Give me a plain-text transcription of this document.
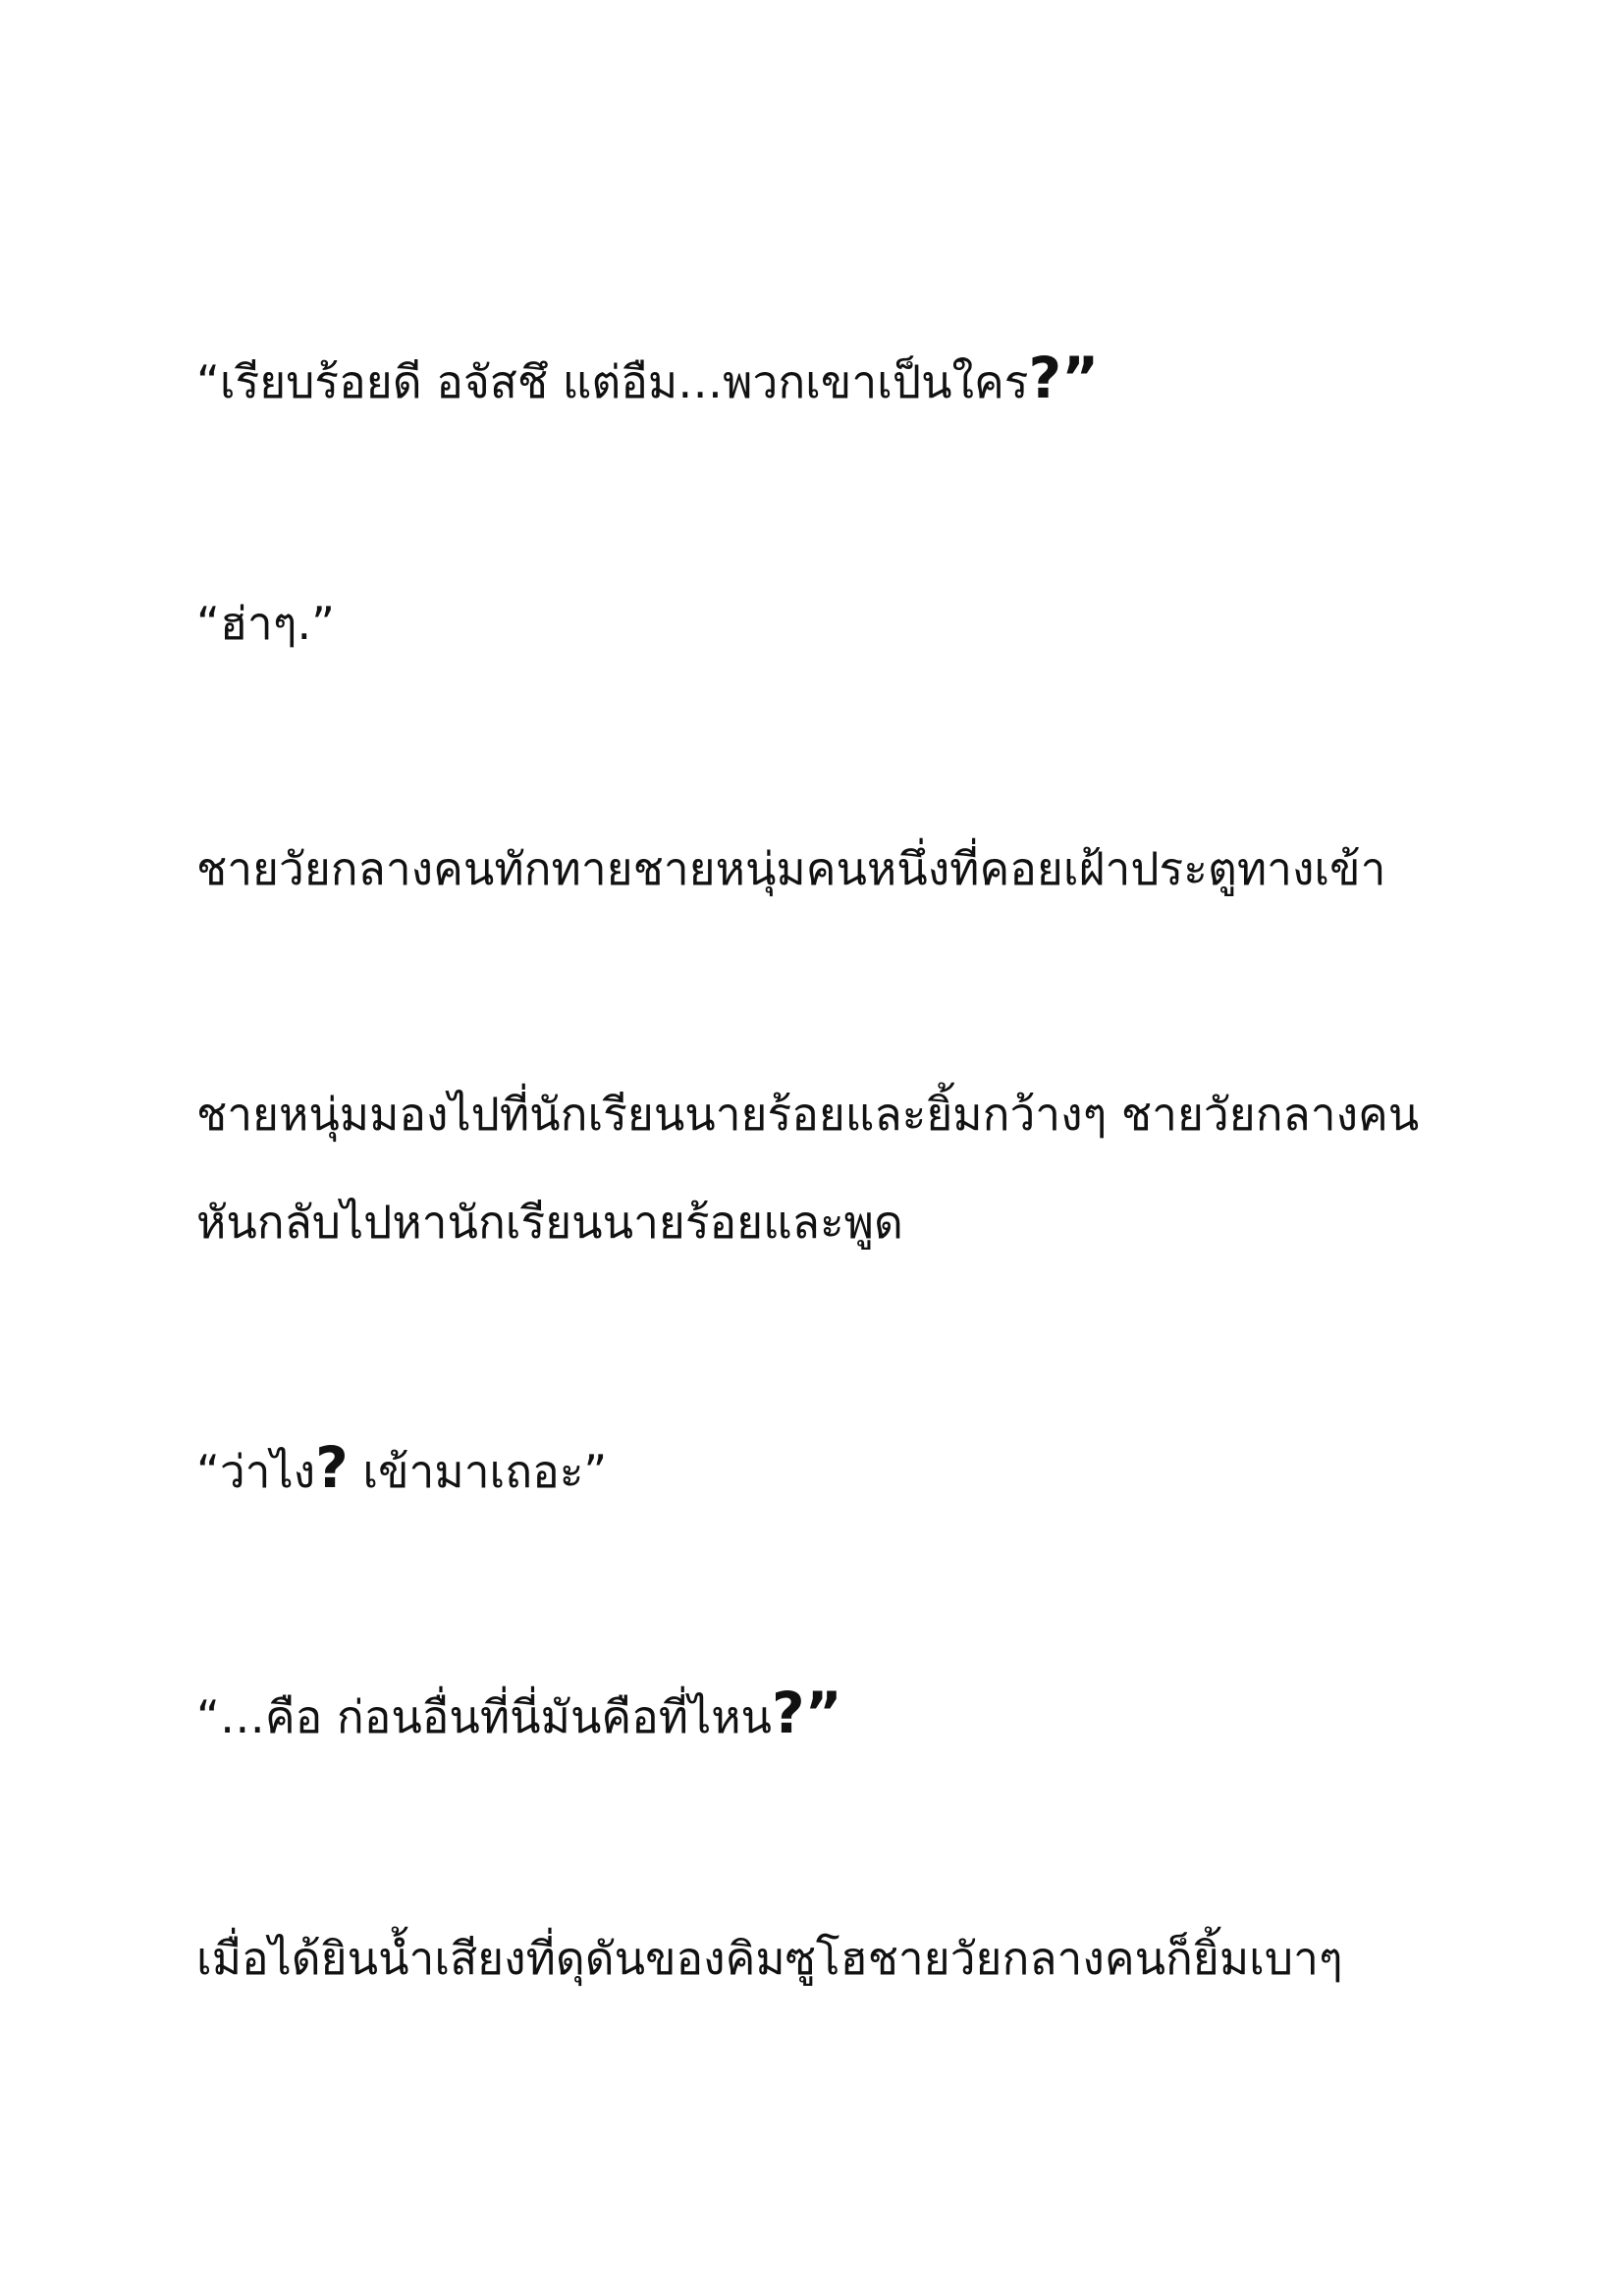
“เรียบร้อยดี อจัสชึ แต่อืม…พวกเขาเป็นใคร?”

“ฮ่าๆ.”

ชายวัยกลางคนทักทายชายหนุ่มคนหนึ่งที่คอยเฝ้าประตูทางเข้า

ชายหนุ่มมองไปที่นักเรียนนายร้อยและยิ้มกว้างๆ ชายวัยกลางคน
หันกลับไปหานักเรียนนายร้อยและพูด

“ว่าไง? เข้ามาเถอะ”

“…คือ ก่อนอื่นที่นี่มันคือที่ไหน?”

เมื่อได้ยินน้ำเสียงที่ดุดันของคิมซูโฮชายวัยกลางคนก็ยิ้มเบาๆ
